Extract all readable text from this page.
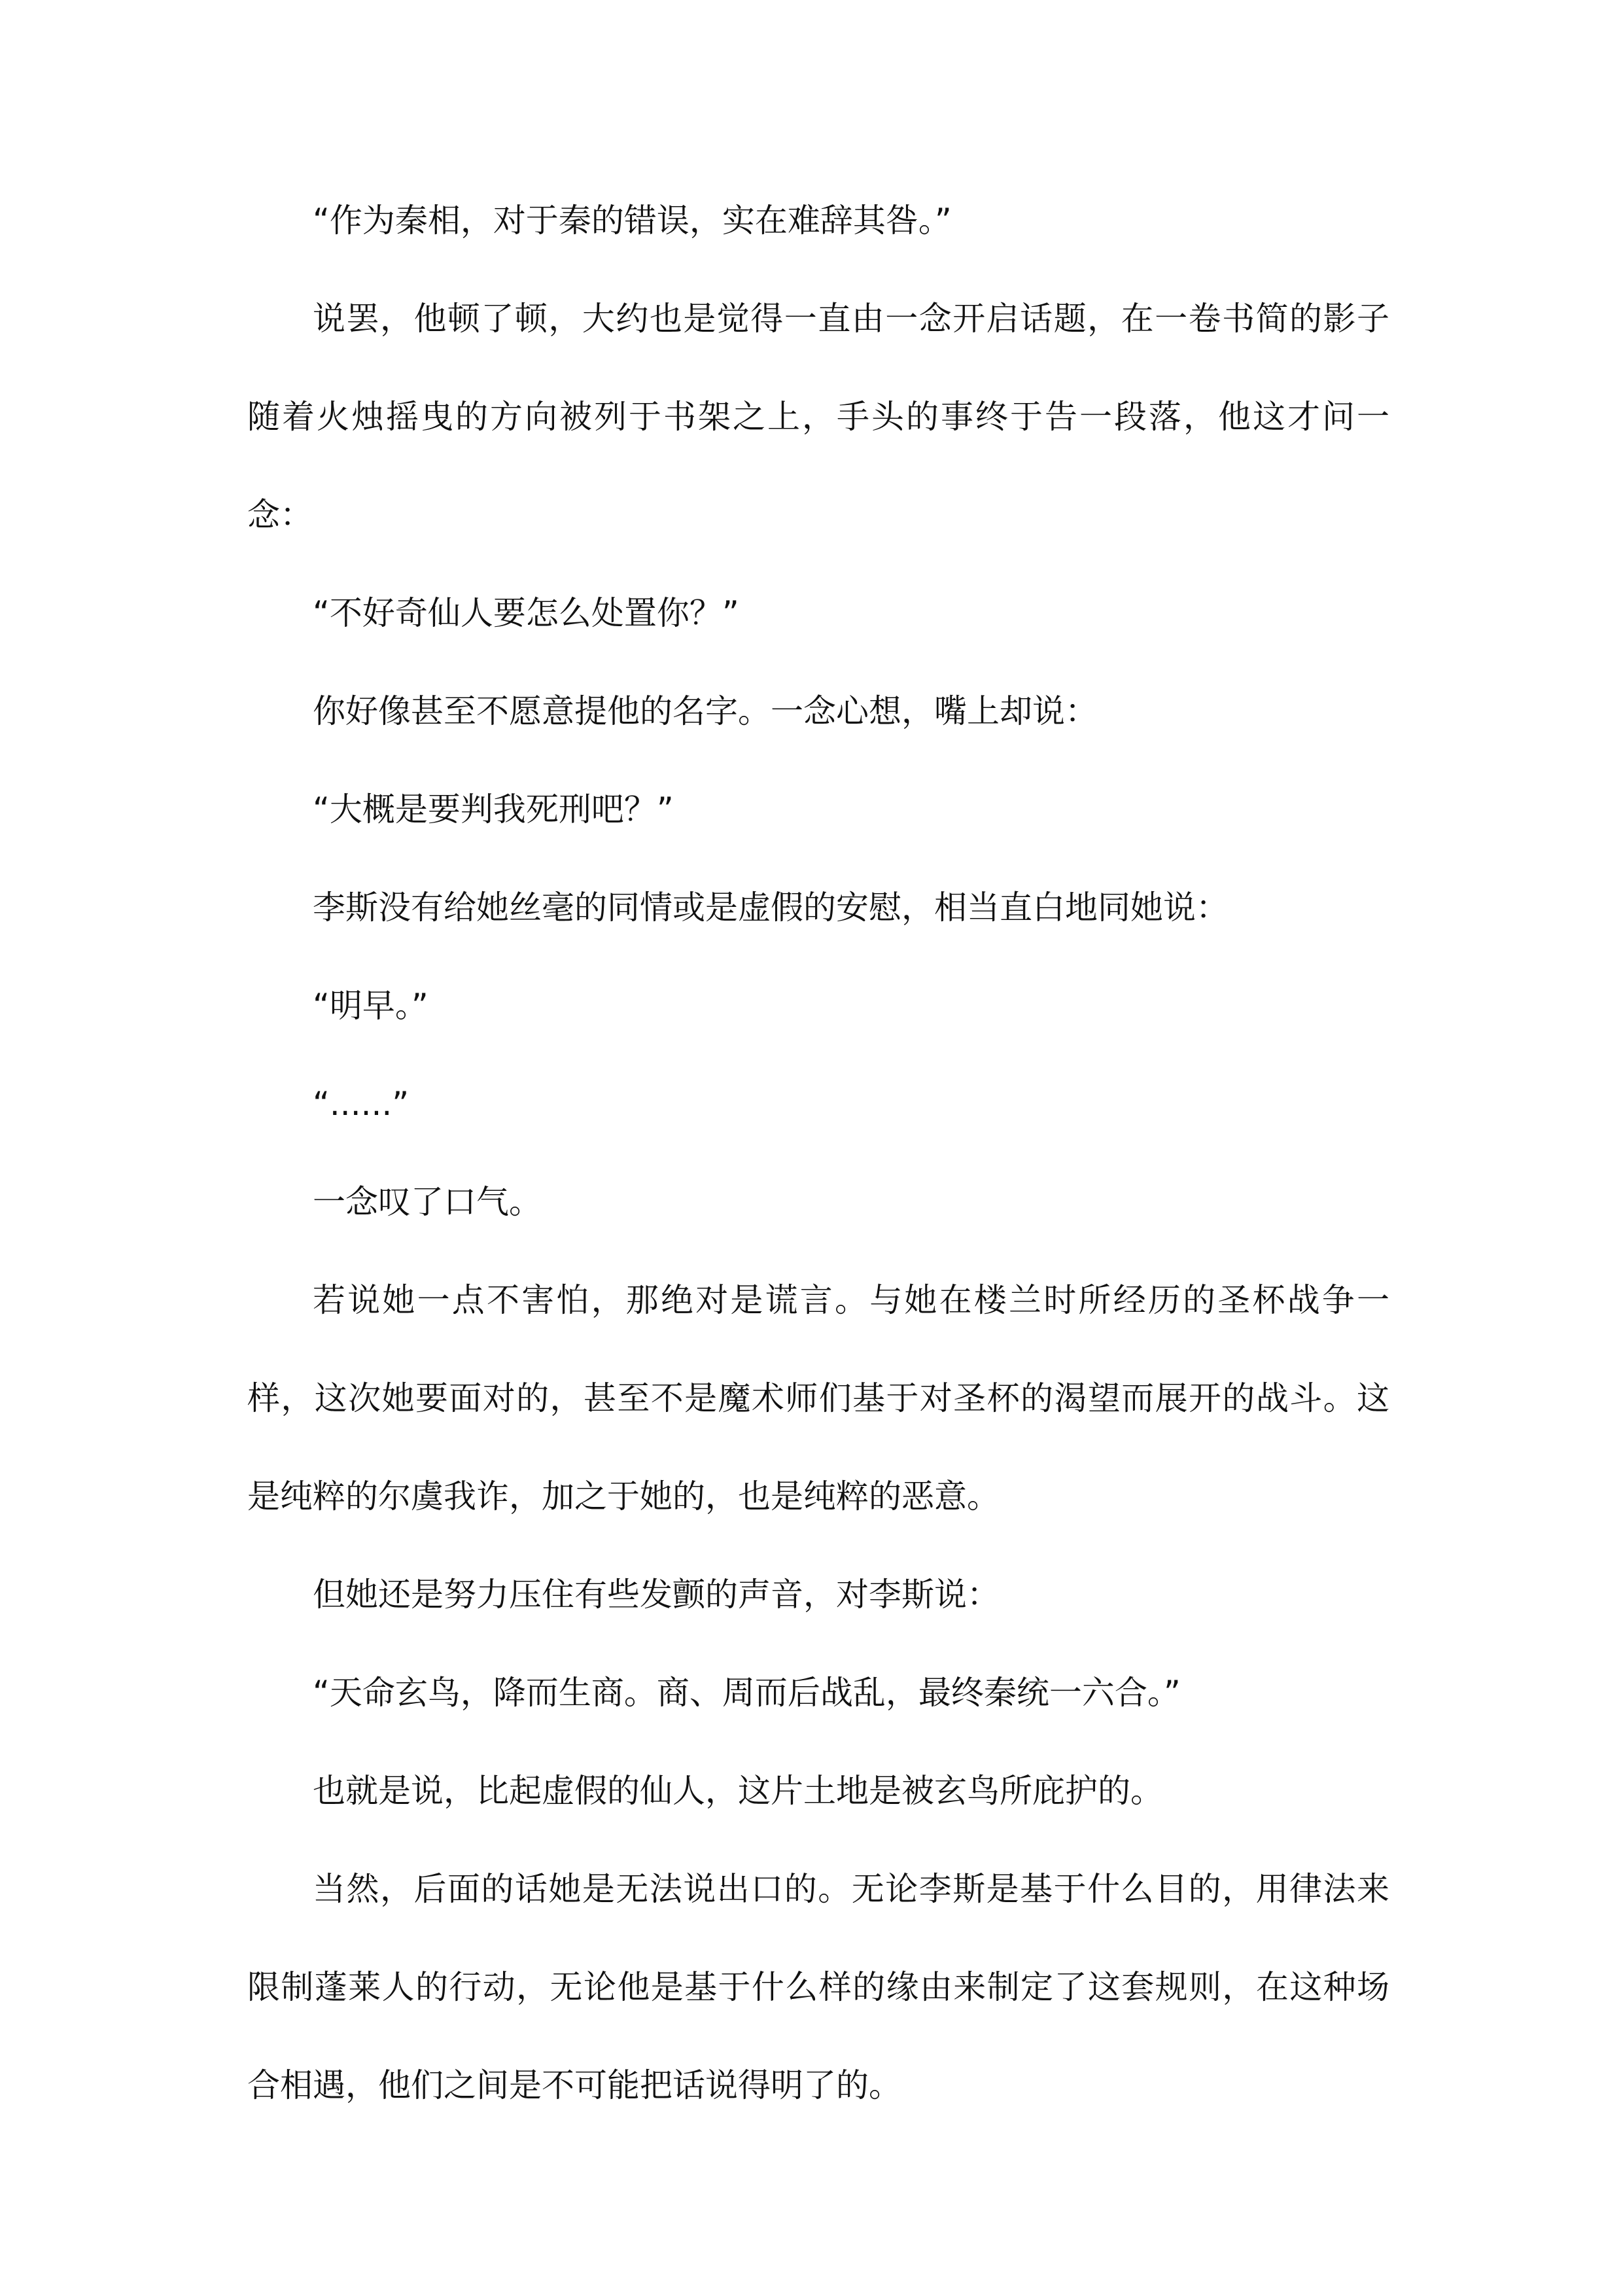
“作为秦相，对于秦的错误，实在难辞其咎。”

说罢，他顿了顿，大约也是觉得一直由一念开启话题，在一卷书简的影子随着火烛摇曳的方向被列于书架之上，手头的事终于告一段落，他这才问一念：

“不好奇仙人要怎么处置你？”

你好像甚至不愿意提他的名字。一念心想，嘴上却说：

“大概是要判我死刑吧？”

李斯没有给她丝毫的同情或是虚假的安慰，相当直白地同她说：

“明早。”

“......”

一念叹了口气。

若说她一点不害怕，那绝对是谎言。与她在楼兰时所经历的圣杯战争一样，这次她要面对的，甚至不是魔术师们基于对圣杯的渴望而展开的战斗。这是纯粹的尔虞我诈，加之于她的，也是纯粹的恶意。

但她还是努力压住有些发颤的声音，对李斯说：

“天命玄鸟，降而生商。商、周而后战乱，最终秦统一六合。”

也就是说，比起虚假的仙人，这片土地是被玄鸟所庇护的。

当然，后面的话她是无法说出口的。无论李斯是基于什么目的，用律法来限制蓬莱人的行动，无论他是基于什么样的缘由来制定了这套规则，在这种场合相遇，他们之间是不可能把话说得明了的。
